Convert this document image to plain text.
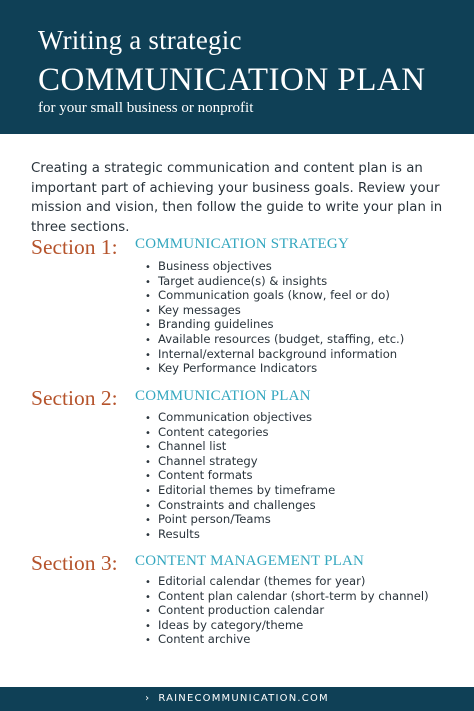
Writing a strategic
COMMUNICATION PLAN
for your small business or nonprofit

Creating a strategic communication and content plan is an important part of achieving your business goals. Review your mission and vision, then follow the guide to write your plan in three sections.

Section 1: COMMUNICATION STRATEGY
• Business objectives
• Target audience(s) & insights
• Communication goals (know, feel or do)
• Key messages
• Branding guidelines
• Available resources (budget, staffing, etc.)
• Internal/external background information
• Key Performance Indicators
Section 2: COMMUNICATION PLAN
• Communication objectives
• Content categories
• Channel list
• Channel strategy
• Content formats
• Editorial themes by timeframe
• Constraints and challenges
• Point person/Teams
• Results
Section 3: CONTENT MANAGEMENT PLAN
• Editorial calendar (themes for year)
• Content plan calendar (short-term by channel)
• Content production calendar
• Ideas by category/theme
• Content archive
› RAINECOMMUNICATION.COM
